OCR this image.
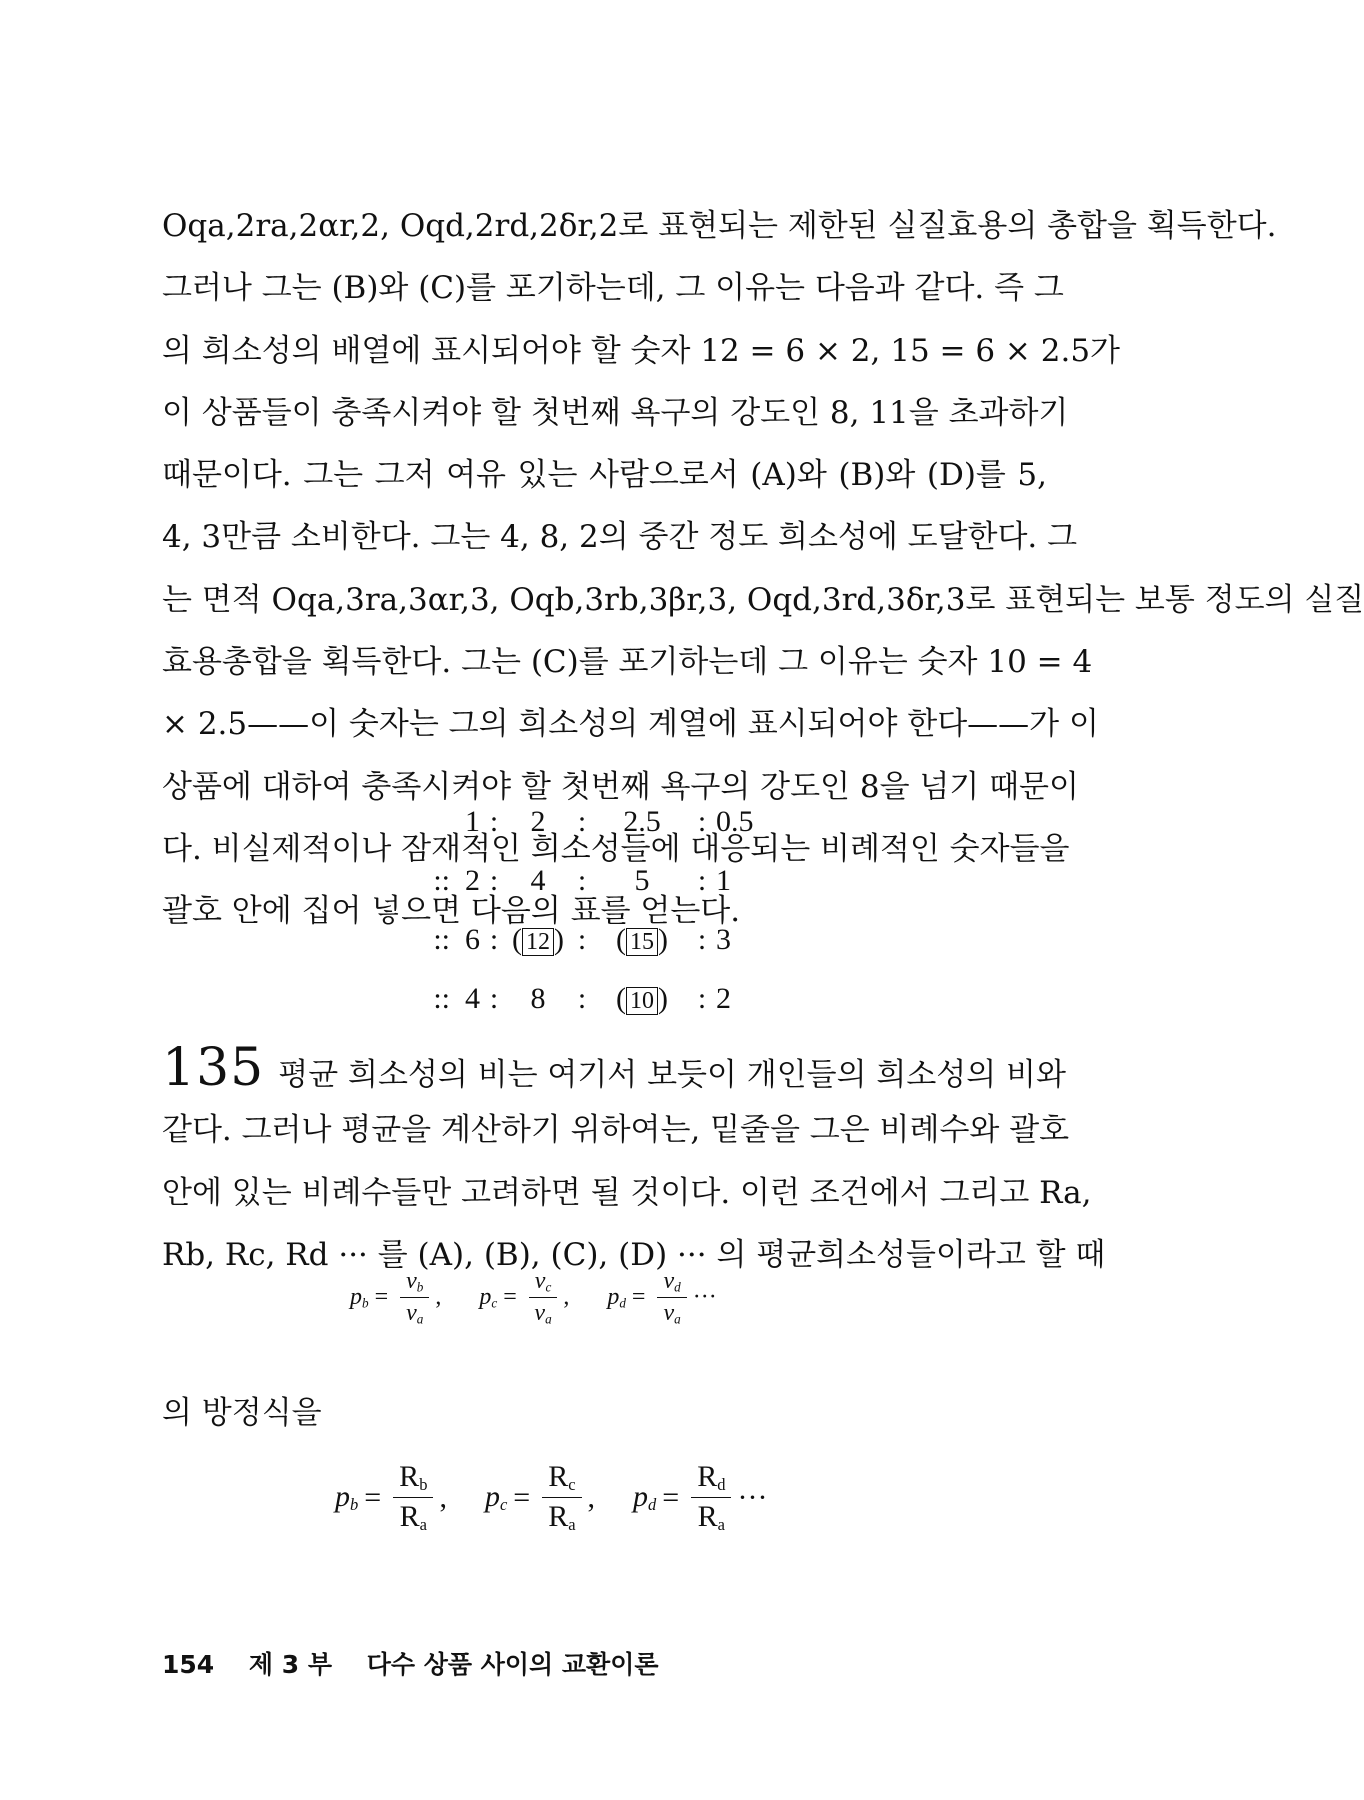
Oqa,2ra,2αr,2, Oqd,2rd,2δr,2로 표현되는 제한된 실질효용의 총합을 획득한다.
그러나 그는 (B)와 (C)를 포기하는데, 그 이유는 다음과 같다. 즉 그
의 희소성의 배열에 표시되어야 할 숫자 12 = 6 × 2, 15 = 6 × 2.5가
이 상품들이 충족시켜야 할 첫번째 욕구의 강도인 8, 11을 초과하기
때문이다. 그는 그저 여유 있는 사람으로서 (A)와 (B)와 (D)를 5,
4, 3만큼 소비한다. 그는 4, 8, 2의 중간 정도 희소성에 도달한다. 그
는 면적 Oqa,3ra,3αr,3, Oqb,3rb,3βr,3, Oqd,3rd,3δr,3로 표현되는 보통 정도의 실질
효용총합을 획득한다. 그는 (C)를 포기하는데 그 이유는 숫자 10 = 4
× 2.5——이 숫자는 그의 희소성의 계열에 표시되어야 한다——가 이
상품에 대하여 충족시켜야 할 첫번째 욕구의 강도인 8을 넘기 때문이
다. 비실제적이나 잠재적인 희소성들에 대응되는 비례적인 숫자들을
괄호 안에 집어 넣으면 다음의 표를 얻는다.

1 :	2	:	2.5	: 0.5
:: 2 :	4	:	5	: 1
:: 6 : ( 12 ) : ( 15 ) : 3
:: 4 :	8	: ( 10 ) : 2

135 평균 희소성의 비는 여기서 보듯이 개인들의 희소성의 비와
같다. 그러나 평균을 계산하기 위하여는, 밑줄을 그은 비례수와 괄호
안에 있는 비례수들만 고려하면 될 것이다. 이런 조건에서 그리고 Ra,
Rb, Rc, Rd ··· 를 (A), (B), (C), (D) ··· 의 평균희소성들이라고 할 때

$p_b = \frac{v_b}{v_a}$ , $p_c = \frac{v_c}{v_a}$ , $p_d = \frac{v_d}{v_a}$ ···
의 방정식을
$p_b = \frac{R_b}{R_a}$ , $p_c = \frac{R_c}{R_a}$ , $p_d = \frac{R_d}{R_a}$ ···
154 제 3 부 다수 상품 사이의 교환이론
